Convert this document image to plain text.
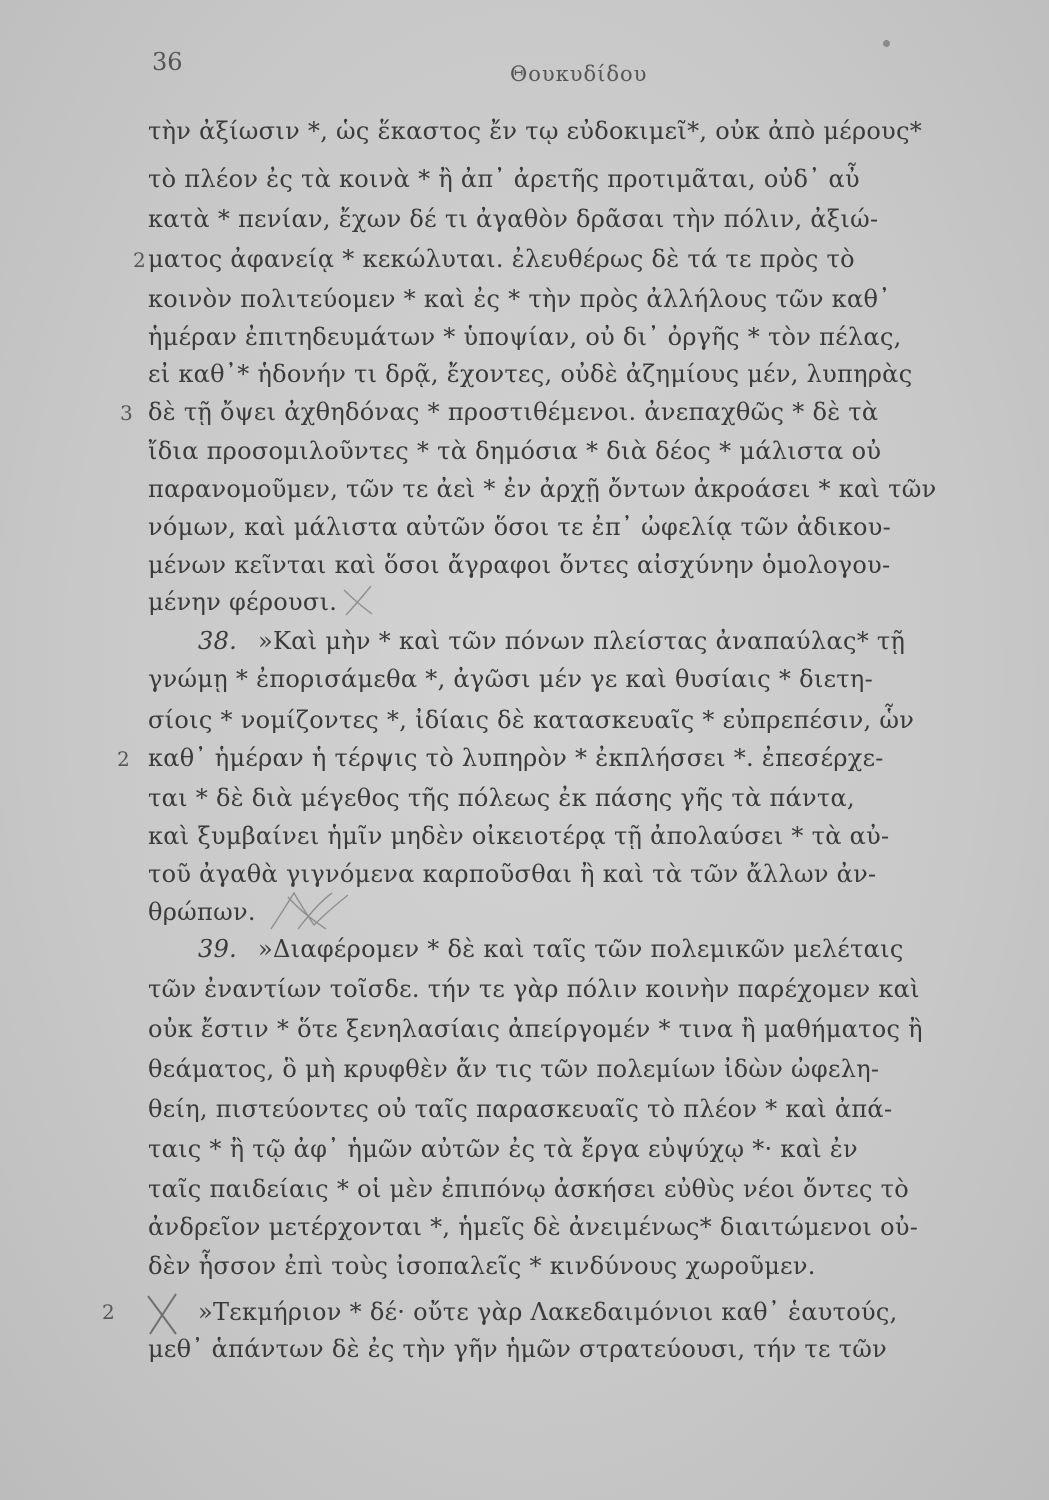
36	Θουκυδίδου
2
3
2
2
τὴν ἀξίωσιν *, ὡς ἕκαστος ἔν τῳ εὐδοκιμεῖ*, οὐκ ἀπὸ μέρους*
τὸ πλέον ἐς τὰ κοινὰ * ἢ ἀπ᾽ ἀρετῆς προτιμᾶται, οὐδ᾽ αὖ
κατὰ * πενίαν, ἔχων δέ τι ἀγαθὸν δρᾶσαι τὴν πόλιν, ἀξιώ-
ματος ἀφανείᾳ * κεκώλυται. ἐλευθέρως δὲ τά τε πρὸς τὸ
κοινὸν πολιτεύομεν * καὶ ἐς * τὴν πρὸς ἀλλήλους τῶν καθ᾽
ἡμέραν ἐπιτηδευμάτων * ὑποψίαν, οὐ δι᾽ ὀργῆς * τὸν πέλας,
εἰ καθ᾽* ἡδονήν τι δρᾷ, ἔχοντες, οὐδὲ ἀζημίους μέν, λυπηρὰς
δὲ τῇ ὄψει ἀχθηδόνας * προστιθέμενοι. ἀνεπαχθῶς * δὲ τὰ
ἴδια προσομιλοῦντες * τὰ δημόσια * διὰ δέος * μάλιστα οὐ
παρανομοῦμεν, τῶν τε ἀεὶ * ἐν ἀρχῇ ὄντων ἀκροάσει * καὶ τῶν
νόμων, καὶ μάλιστα αὐτῶν ὅσοι τε ἐπ᾽ ὠφελίᾳ τῶν ἀδικου-
μένων κεῖνται καὶ ὅσοι ἄγραφοι ὄντες αἰσχύνην ὁμολογου-
μένην φέρουσι.
38. »Καὶ μὴν * καὶ τῶν πόνων πλείστας ἀναπαύλας* τῇ
γνώμῃ * ἐπορισάμεθα *, ἀγῶσι μέν γε καὶ θυσίαις * διετη-
σίοις * νομίζοντες *, ἰδίαις δὲ κατασκευαῖς * εὐπρεπέσιν, ὧν
καθ᾽ ἡμέραν ἡ τέρψις τὸ λυπηρὸν * ἐκπλήσσει *. ἐπεσέρχε-
ται * δὲ διὰ μέγεθος τῆς πόλεως ἐκ πάσης γῆς τὰ πάντα,
καὶ ξυμβαίνει ἡμῖν μηδὲν οἰκειοτέρᾳ τῇ ἀπολαύσει * τὰ αὐ-
τοῦ ἀγαθὰ γιγνόμενα καρποῦσθαι ἢ καὶ τὰ τῶν ἄλλων ἀν-
θρώπων.
39. »Διαφέρομεν * δὲ καὶ ταῖς τῶν πολεμικῶν μελέταις
τῶν ἐναντίων τοῖσδε. τήν τε γὰρ πόλιν κοινὴν παρέχομεν καὶ
οὐκ ἔστιν * ὅτε ξενηλασίαις ἀπείργομέν * τινα ἢ μαθήματος ἢ
θεάματος, ὃ μὴ κρυφθὲν ἄν τις τῶν πολεμίων ἰδὼν ὠφελη-
θείη, πιστεύοντες οὐ ταῖς παρασκευαῖς τὸ πλέον * καὶ ἀπά-
ταις * ἢ τῷ ἀφ᾽ ἡμῶν αὐτῶν ἐς τὰ ἔργα εὐψύχῳ *· καὶ ἐν
ταῖς παιδείαις * οἱ μὲν ἐπιπόνῳ ἀσκήσει εὐθὺς νέοι ὄντες τὸ
ἀνδρεῖον μετέρχονται *, ἡμεῖς δὲ ἀνειμένως* διαιτώμενοι οὐ-
δὲν ἧσσον ἐπὶ τοὺς ἰσοπαλεῖς * κινδύνους χωροῦμεν.
»Τεκμήριον * δέ· οὔτε γὰρ Λακεδαιμόνιοι καθ᾽ ἑαυτούς,
μεθ᾽ ἁπάντων δὲ ἐς τὴν γῆν ἡμῶν στρατεύουσι, τήν τε τῶν
